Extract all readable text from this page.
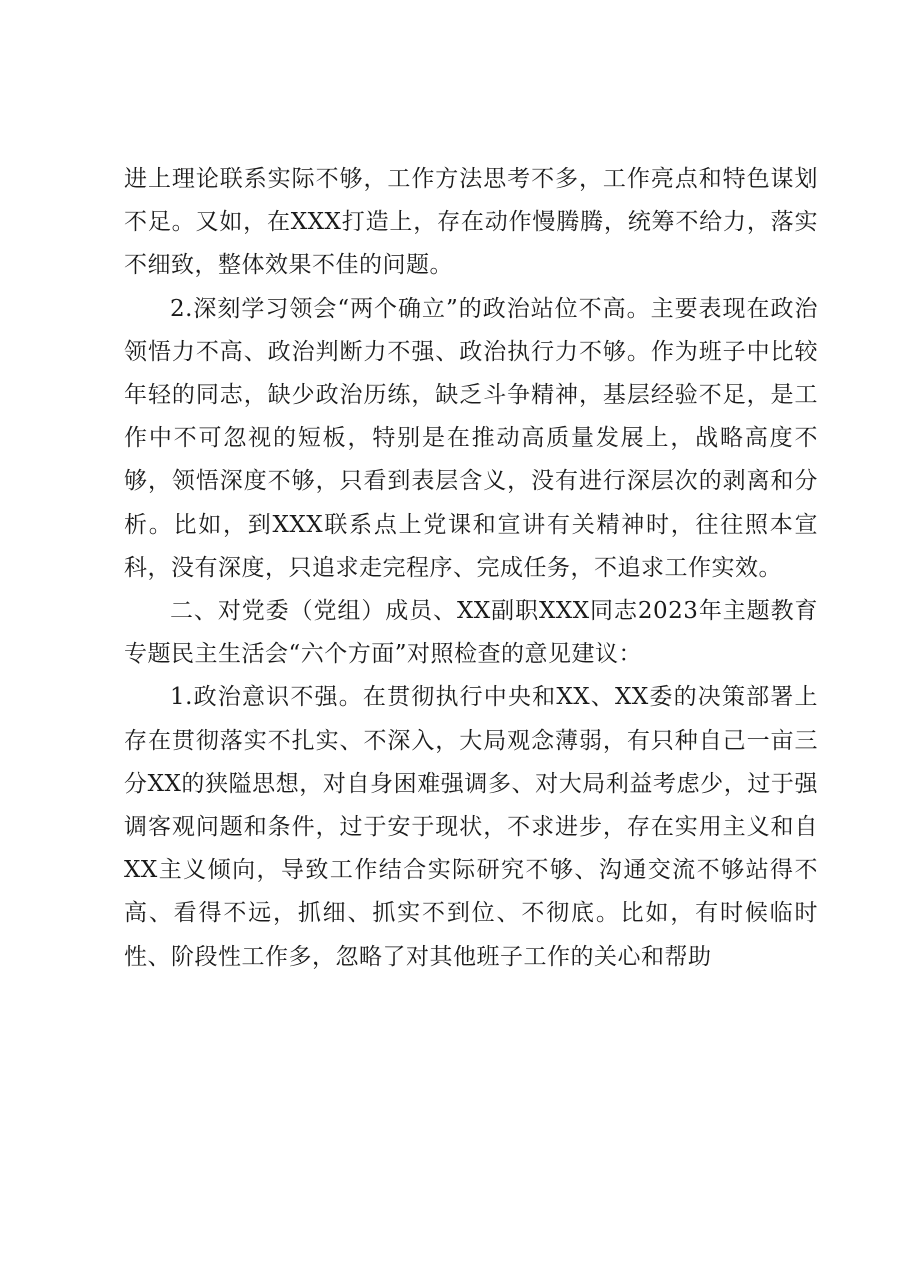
进上理论联系实际不够，工作方法思考不多，工作亮点和特色谋划不足。又如，在XXX打造上，存在动作慢腾腾，统筹不给力，落实不细致，整体效果不佳的问题。

2.深刻学习领会“两个确立”的政治站位不高。主要表现在政治领悟力不高、政治判断力不强、政治执行力不够。作为班子中比较年轻的同志，缺少政治历练，缺乏斗争精神，基层经验不足，是工作中不可忽视的短板，特别是在推动高质量发展上，战略高度不够，领悟深度不够，只看到表层含义，没有进行深层次的剥离和分析。比如，到XXX联系点上党课和宣讲有关精神时，往往照本宣科，没有深度，只追求走完程序、完成任务，不追求工作实效。

二、对党委（党组）成员、XX副职XXX同志2023年主题教育专题民主生活会“六个方面”对照检查的意见建议：

1.政治意识不强。在贯彻执行中央和XX、XX委的决策部署上存在贯彻落实不扎实、不深入，大局观念薄弱，有只种自己一亩三分XX的狭隘思想，对自身困难强调多、对大局利益考虑少，过于强调客观问题和条件，过于安于现状，不求进步，存在实用主义和自XX主义倾向，导致工作结合实际研究不够、沟通交流不够站得不高、看得不远，抓细、抓实不到位、不彻底。比如，有时候临时性、阶段性工作多，忽略了对其他班子工作的关心和帮助
